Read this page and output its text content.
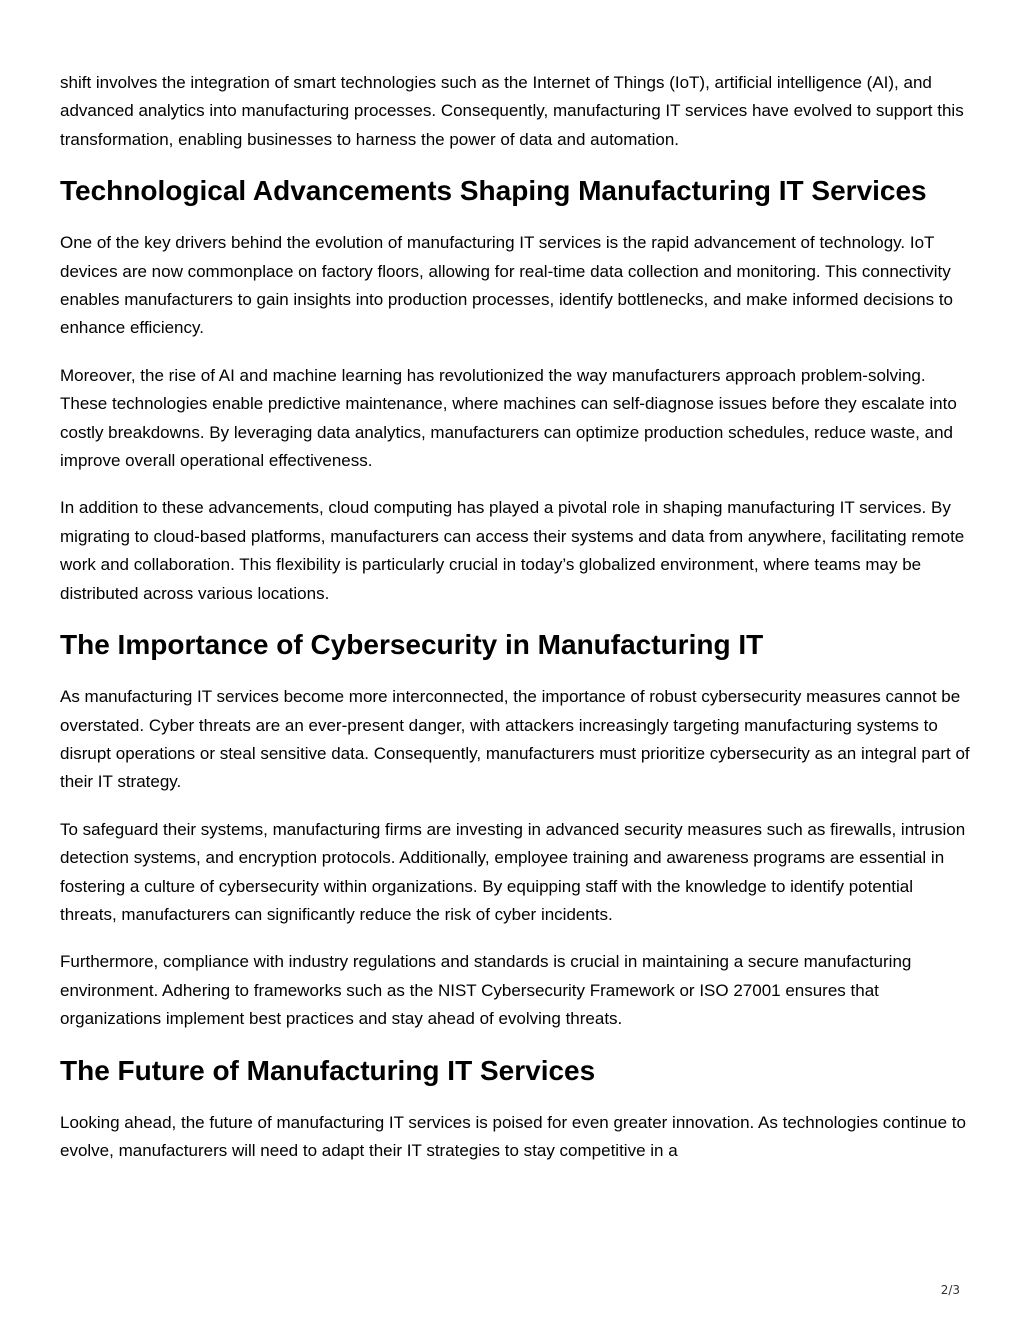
shift involves the integration of smart technologies such as the Internet of Things (IoT), artificial intelligence (AI), and advanced analytics into manufacturing processes. Consequently, manufacturing IT services have evolved to support this transformation, enabling businesses to harness the power of data and automation.

Technological Advancements Shaping Manufacturing IT Services

One of the key drivers behind the evolution of manufacturing IT services is the rapid advancement of technology. IoT devices are now commonplace on factory floors, allowing for real-time data collection and monitoring. This connectivity enables manufacturers to gain insights into production processes, identify bottlenecks, and make informed decisions to enhance efficiency.

Moreover, the rise of AI and machine learning has revolutionized the way manufacturers approach problem-solving. These technologies enable predictive maintenance, where machines can self-diagnose issues before they escalate into costly breakdowns. By leveraging data analytics, manufacturers can optimize production schedules, reduce waste, and improve overall operational effectiveness.

In addition to these advancements, cloud computing has played a pivotal role in shaping manufacturing IT services. By migrating to cloud-based platforms, manufacturers can access their systems and data from anywhere, facilitating remote work and collaboration. This flexibility is particularly crucial in today’s globalized environment, where teams may be distributed across various locations.

The Importance of Cybersecurity in Manufacturing IT

As manufacturing IT services become more interconnected, the importance of robust cybersecurity measures cannot be overstated. Cyber threats are an ever-present danger, with attackers increasingly targeting manufacturing systems to disrupt operations or steal sensitive data. Consequently, manufacturers must prioritize cybersecurity as an integral part of their IT strategy.

To safeguard their systems, manufacturing firms are investing in advanced security measures such as firewalls, intrusion detection systems, and encryption protocols. Additionally, employee training and awareness programs are essential in fostering a culture of cybersecurity within organizations. By equipping staff with the knowledge to identify potential threats, manufacturers can significantly reduce the risk of cyber incidents.

Furthermore, compliance with industry regulations and standards is crucial in maintaining a secure manufacturing environment. Adhering to frameworks such as the NIST Cybersecurity Framework or ISO 27001 ensures that organizations implement best practices and stay ahead of evolving threats.

The Future of Manufacturing IT Services

Looking ahead, the future of manufacturing IT services is poised for even greater innovation. As technologies continue to evolve, manufacturers will need to adapt their IT strategies to stay competitive in a

2/3
